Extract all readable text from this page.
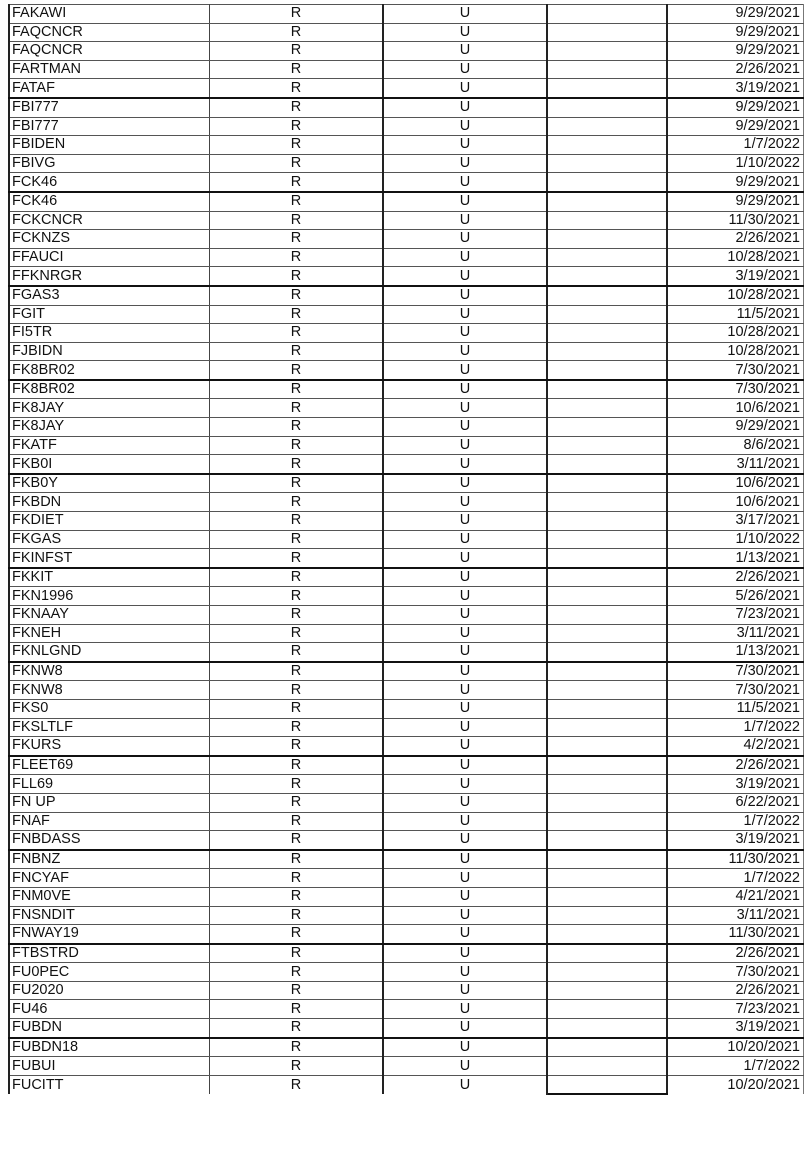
FAKAWI	R	U		9/29/2021
FAQCNCR	R	U		9/29/2021
FAQCNCR	R	U		9/29/2021
FARTMAN	R	U		2/26/2021
FATAF	R	U		3/19/2021
FBI777	R	U		9/29/2021
FBI777	R	U		9/29/2021
FBIDEN	R	U		1/7/2022
FBIVG	R	U		1/10/2022
FCK46	R	U		9/29/2021
FCK46	R	U		9/29/2021
FCKCNCR	R	U		11/30/2021
FCKNZS	R	U		2/26/2021
FFAUCI	R	U		10/28/2021
FFKNRGR	R	U		3/19/2021
FGAS3	R	U		10/28/2021
FGIT	R	U		11/5/2021
FI5TR	R	U		10/28/2021
FJBIDN	R	U		10/28/2021
FK8BR02	R	U		7/30/2021
FK8BR02	R	U		7/30/2021
FK8JAY	R	U		10/6/2021
FK8JAY	R	U		9/29/2021
FKATF	R	U		8/6/2021
FKB0I	R	U		3/11/2021
FKB0Y	R	U		10/6/2021
FKBDN	R	U		10/6/2021
FKDIET	R	U		3/17/2021
FKGAS	R	U		1/10/2022
FKINFST	R	U		1/13/2021
FKKIT	R	U		2/26/2021
FKN1996	R	U		5/26/2021
FKNAAY	R	U		7/23/2021
FKNEH	R	U		3/11/2021
FKNLGND	R	U		1/13/2021
FKNW8	R	U		7/30/2021
FKNW8	R	U		7/30/2021
FKS0	R	U		11/5/2021
FKSLTLF	R	U		1/7/2022
FKURS	R	U		4/2/2021
FLEET69	R	U		2/26/2021
FLL69	R	U		3/19/2021
FN UP	R	U		6/22/2021
FNAF	R	U		1/7/2022
FNBDASS	R	U		3/19/2021
FNBNZ	R	U		11/30/2021
FNCYAF	R	U		1/7/2022
FNM0VE	R	U		4/21/2021
FNSNDIT	R	U		3/11/2021
FNWAY19	R	U		11/30/2021
FTBSTRD	R	U		2/26/2021
FU0PEC	R	U		7/30/2021
FU2020	R	U		2/26/2021
FU46	R	U		7/23/2021
FUBDN	R	U		3/19/2021
FUBDN18	R	U		10/20/2021
FUBUI	R	U		1/7/2022
FUCITT	R	U		10/20/2021
